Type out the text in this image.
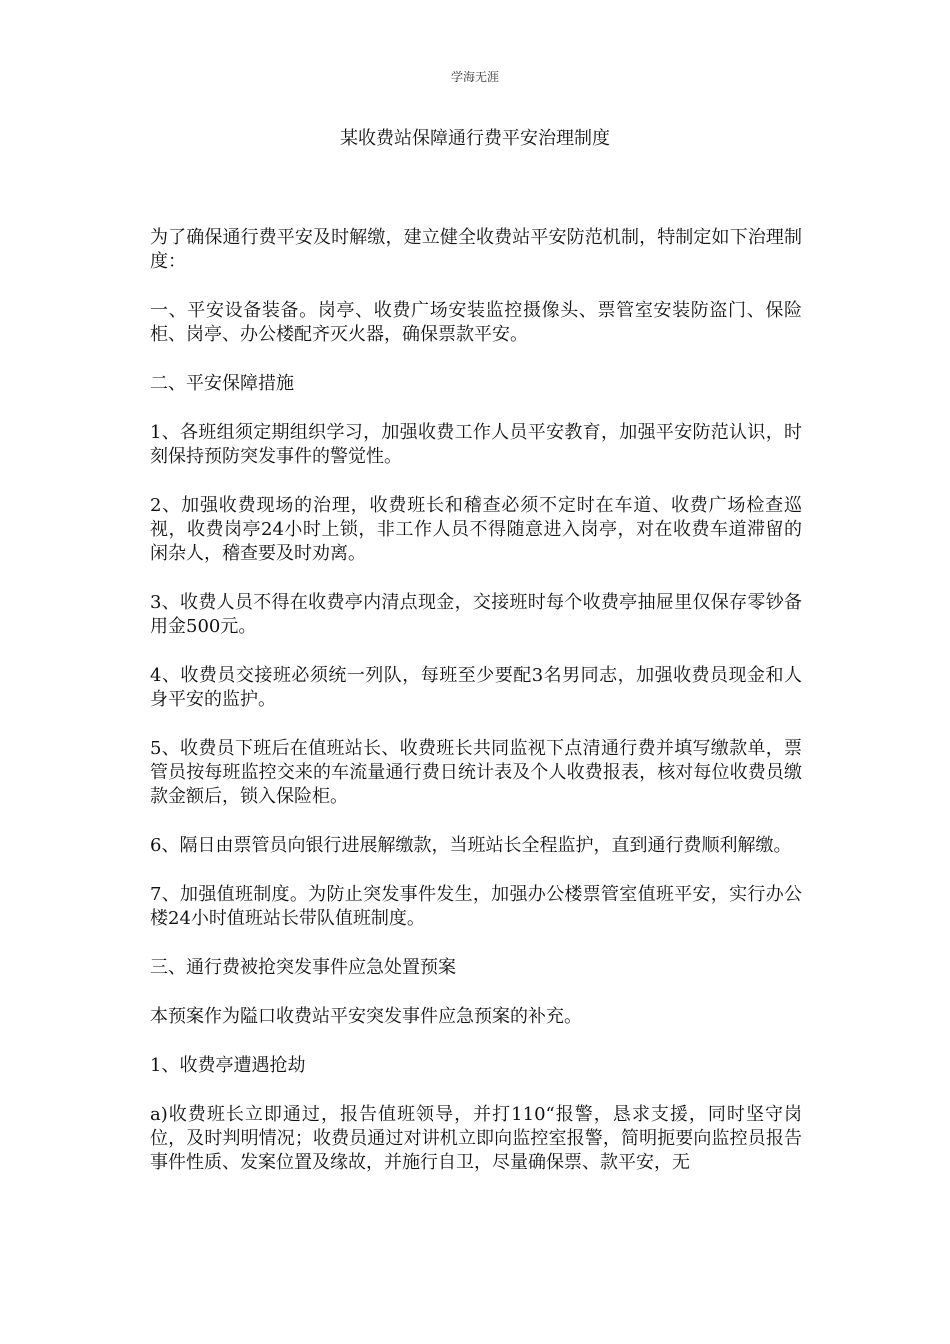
学海无涯
某收费站保障通行费平安治理制度

为了确保通行费平安及时解缴，建立健全收费站平安防范机制，特制定如下治理制度：

一、平安设备装备。岗亭、收费广场安装监控摄像头、票管室安装防盗门、保险柜、岗亭、办公楼配齐灭火器，确保票款平安。

二、平安保障措施

1、各班组须定期组织学习，加强收费工作人员平安教育，加强平安防范认识，时刻保持预防突发事件的警觉性。

2、加强收费现场的治理，收费班长和稽查必须不定时在车道、收费广场检查巡视，收费岗亭24小时上锁，非工作人员不得随意进入岗亭，对在收费车道滞留的闲杂人，稽查要及时劝离。

3、收费人员不得在收费亭内清点现金，交接班时每个收费亭抽屉里仅保存零钞备用金500元。

4、收费员交接班必须统一列队，每班至少要配3名男同志，加强收费员现金和人身平安的监护。

5、收费员下班后在值班站长、收费班长共同监视下点清通行费并填写缴款单，票管员按每班监控交来的车流量通行费日统计表及个人收费报表，核对每位收费员缴款金额后，锁入保险柜。

6、隔日由票管员向银行进展解缴款，当班站长全程监护，直到通行费顺利解缴。

7、加强值班制度。为防止突发事件发生，加强办公楼票管室值班平安，实行办公楼24小时值班站长带队值班制度。

三、通行费被抢突发事件应急处置预案

本预案作为隘口收费站平安突发事件应急预案的补充。

1、收费亭遭遇抢劫

a)收费班长立即通过，报告值班领导，并打110“报警，恳求支援，同时坚守岗位，及时判明情况；收费员通过对讲机立即向监控室报警，简明扼要向监控员报告事件性质、发案位置及缘故，并施行自卫，尽量确保票、款平安，无
